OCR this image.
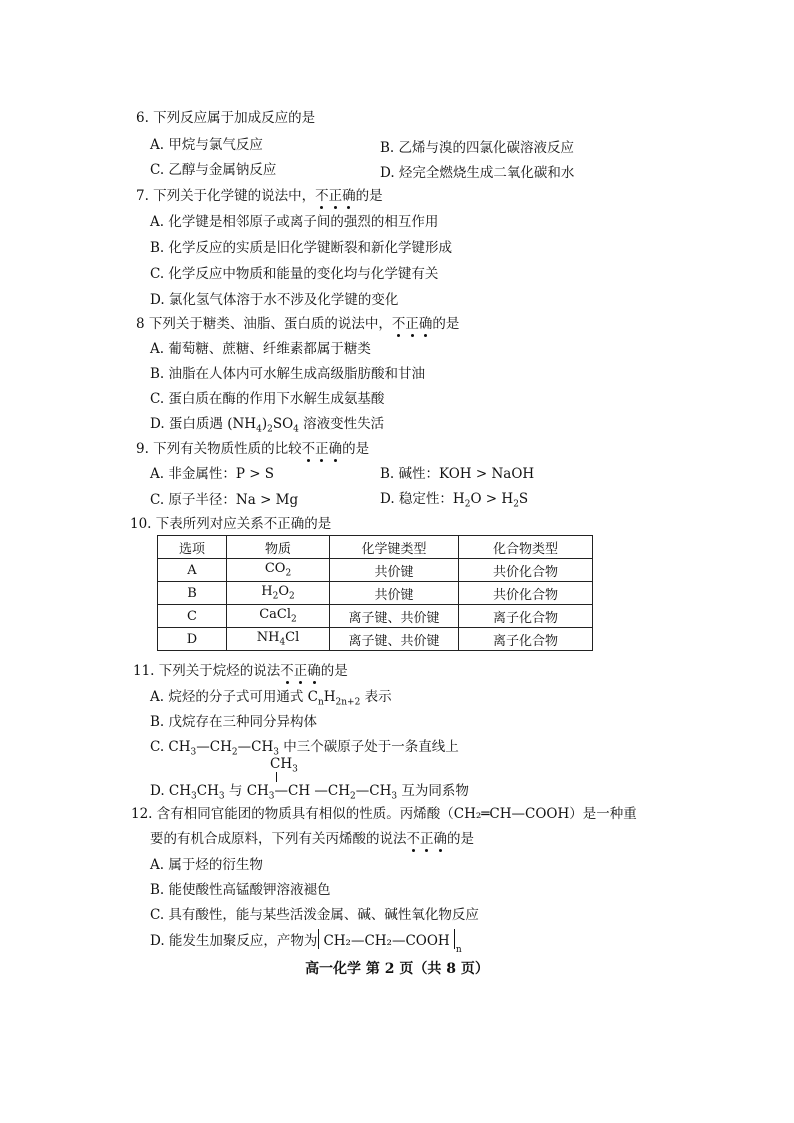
6. 下列反应属于加成反应的是
A. 甲烷与氯气反应	B. 乙烯与溴的四氯化碳溶液反应
C. 乙醇与金属钠反应	D. 烃完全燃烧生成二氧化碳和水
7. 下列关于化学键的说法中，不正确的是
A. 化学键是相邻原子或离子间的强烈的相互作用
B. 化学反应的实质是旧化学键断裂和新化学键形成
C. 化学反应中物质和能量的变化均与化学键有关
D. 氯化氢气体溶于水不涉及化学键的变化
8 下列关于糖类、油脂、蛋白质的说法中，不正确的是
A. 葡萄糖、蔗糖、纤维素都属于糖类
B. 油脂在人体内可水解生成高级脂肪酸和甘油
C. 蛋白质在酶的作用下水解生成氨基酸
D. 蛋白质遇 $(NH_4)_2SO_4$ 溶液变性失活
9. 下列有关物质性质的比较不正确的是
A. 非金属性：P > S	B. 碱性：KOH > NaOH
C. 原子半径：Na > Mg	D. 稳定性：$H_2O > H_2S$
10. 下表所列对应关系不正确的是
选项	物质	化学键类型	化合物类型
A	$CO_2$	共价键	共价化合物
B	$H_2O_2$	共价键	共价化合物
C	CaCl$_2$	离子键、共价键	离子化合物
D	$NH_4Cl$	离子键、共价键	离子化合物
11. 下列关于烷烃的说法不正确的是
A. 烷烃的分子式可用通式 $C_nH_{2n+2}$ 表示
B. 戊烷存在三种同分异构体
C. $CH_3—CH_2—CH_3$ 中三个碳原子处于一条直线上
$CH_3$
D. $CH_3CH_3$ 与 $CH_3—CH$ $—CH_2—CH_3$ 互为同系物
12. 含有相同官能团的物质具有相似的性质。丙烯酸（CH₂═CH—COOH）是一种重
要的有机合成原料，下列有关丙烯酸的说法不正确的是
A. 属于烃的衍生物
B. 能使酸性高锰酸钾溶液褪色
C. 具有酸性，能与某些活泼金属、碱、碱性氧化物反应
D. 能发生加聚反应，产物为 CH₂—CH₂—COOH
n
高一化学 第 2 页（共 8 页）
